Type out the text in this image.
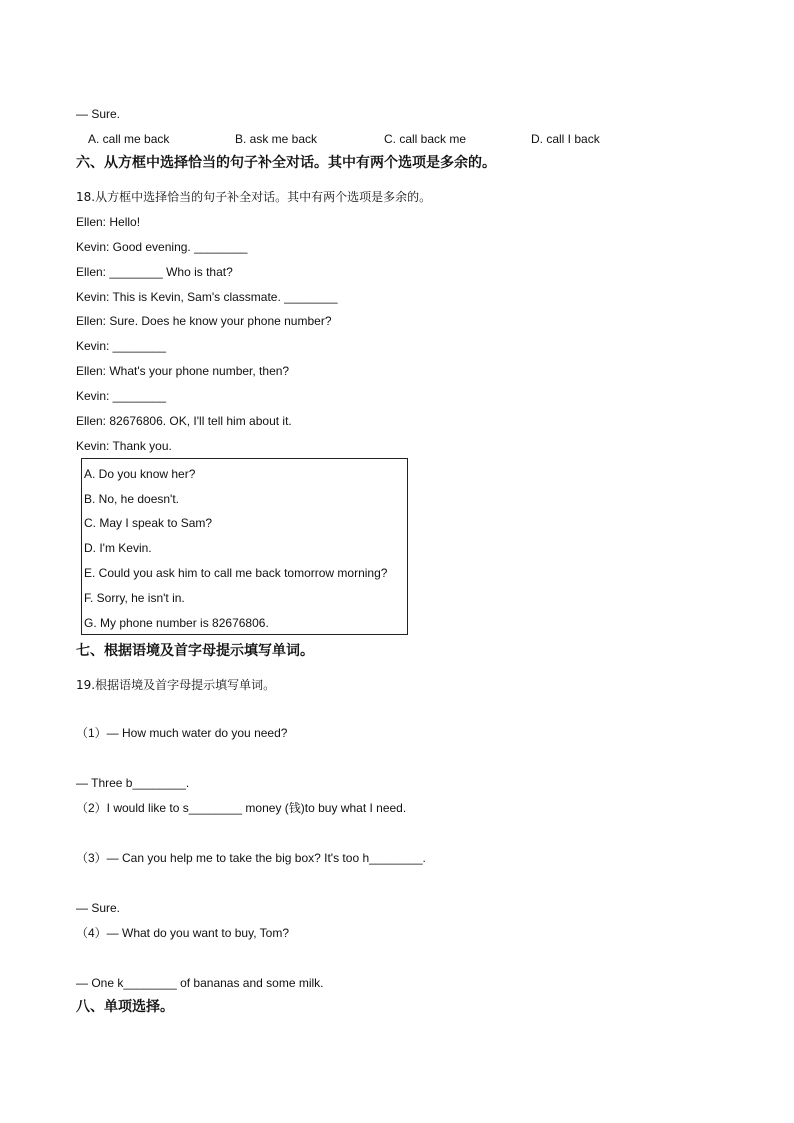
— Sure.
A. call me back	B. ask me back	C. call back me	D. call I back
六、从方框中选择恰当的句子补全对话。其中有两个选项是多余的。
18.从方框中选择恰当的句子补全对话。其中有两个选项是多余的。
Ellen: Hello!
Kevin: Good evening. ________
Ellen: ________ Who is that?
Kevin: This is Kevin, Sam's classmate. ________
Ellen: Sure. Does he know your phone number?
Kevin: ________
Ellen: What's your phone number, then?
Kevin: ________
Ellen: 82676806. OK, I'll tell him about it.
Kevin: Thank you.
A. Do you know her?
B. No, he doesn't.
C. May I speak to Sam?
D. I'm Kevin.
E. Could you ask him to call me back tomorrow morning?
F. Sorry, he isn't in.
G. My phone number is 82676806.
七、根据语境及首字母提示填写单词。
19.根据语境及首字母提示填写单词。
（1）— How much water do you need?
— Three b________.
（2）I would like to s________ money (钱)to buy what I need.
（3）— Can you help me to take the big box? It's too h________.
— Sure.
（4）— What do you want to buy, Tom?
— One k________ of bananas and some milk.
八、单项选择。
